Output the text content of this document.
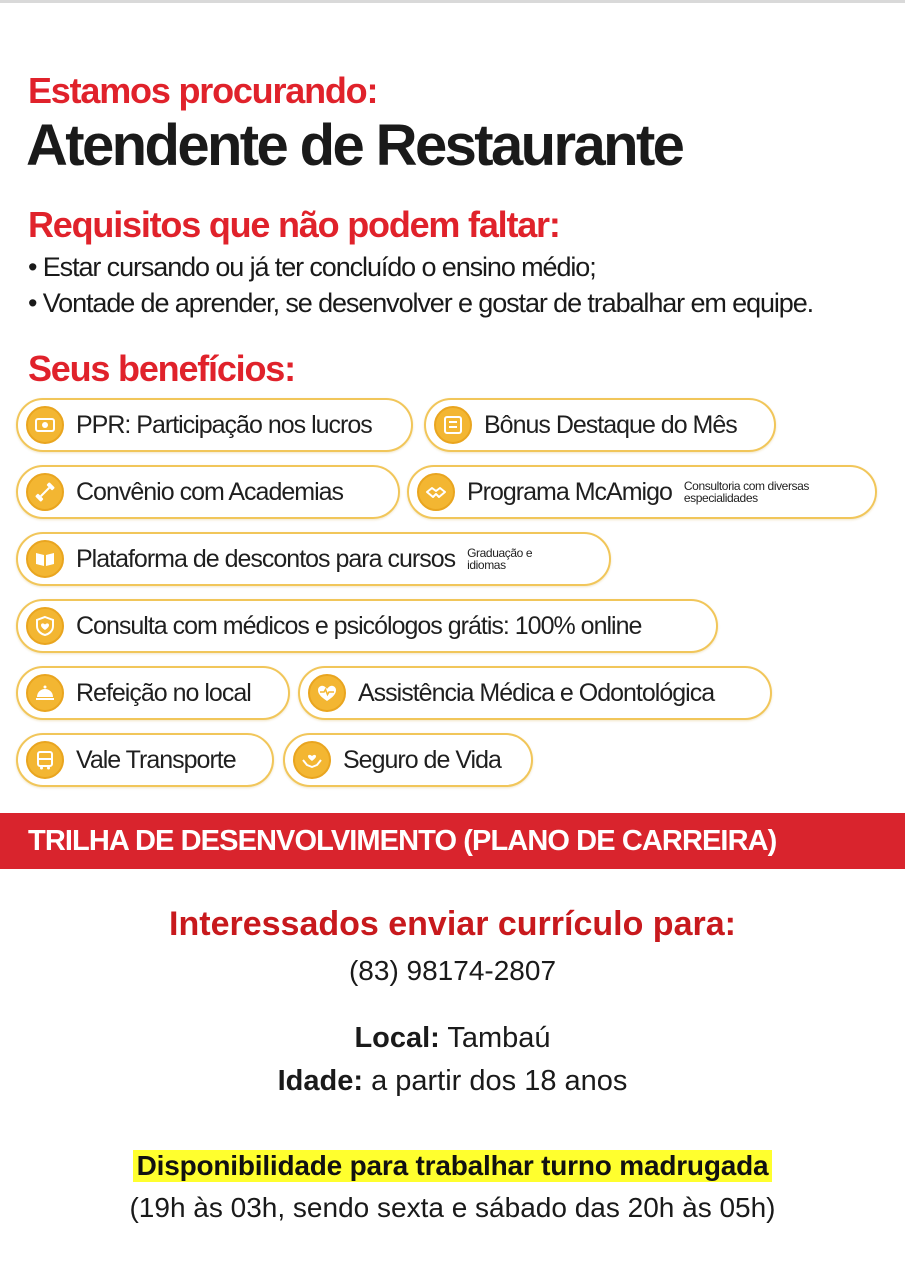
Estamos procurando:
Atendente de Restaurante
Requisitos que não podem faltar:
• Estar cursando ou já ter concluído o ensino médio;
• Vontade de aprender, se desenvolver e gostar de trabalhar em equipe.
Seus benefícios:
PPR: Participação nos lucros	Bônus Destaque do Mês
Convênio com Academias	Programa McAmigo Consultoria com diversas especialidades
Plataforma de descontos para cursos Graduação e idiomas
Consulta com médicos e psicólogos grátis: 100% online
Refeição no local	Assistência Médica e Odontológica
Vale Transporte	Seguro de Vida
TRILHA DE DESENVOLVIMENTO (PLANO DE CARREIRA)
Interessados enviar currículo para:
(83) 98174-2807
Local: Tambaú
Idade: a partir dos 18 anos
Disponibilidade para trabalhar turno madrugada
(19h às 03h, sendo sexta e sábado das 20h às 05h)
